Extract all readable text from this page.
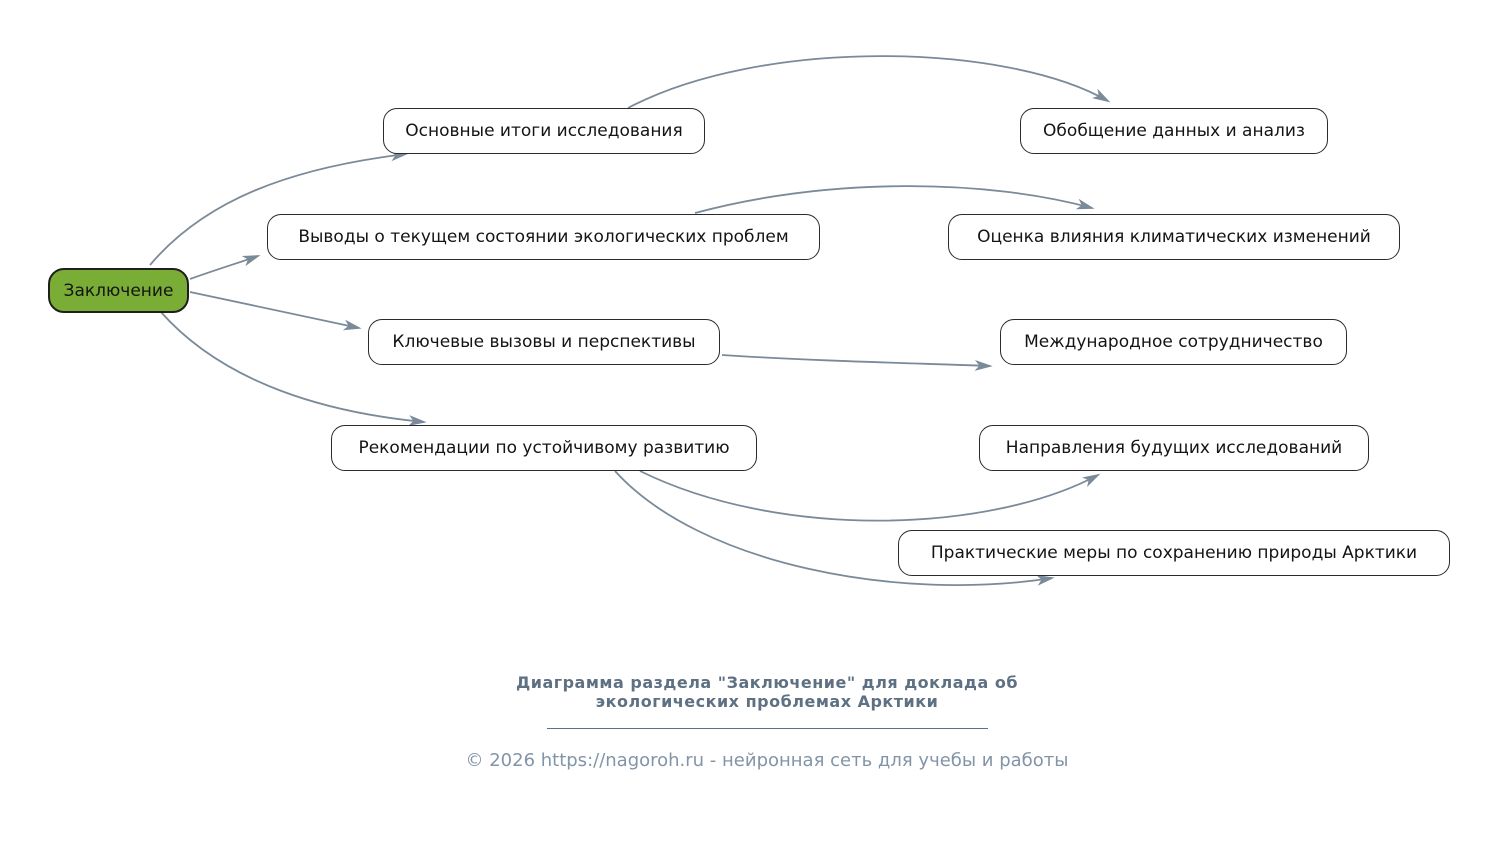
Заключение
Основные итоги исследования	Обобщение данных и анализ
Выводы о текущем состоянии экологических проблем	Оценка влияния климатических изменений
Ключевые вызовы и перспективы	Международное сотрудничество
Рекомендации по устойчивому развитию	Направления будущих исследований
Практические меры по сохранению природы Арктики
Диаграмма раздела "Заключение" для доклада об
экологических проблемах Арктики
© 2026 https://nagoroh.ru - нейронная сеть для учебы и работы
